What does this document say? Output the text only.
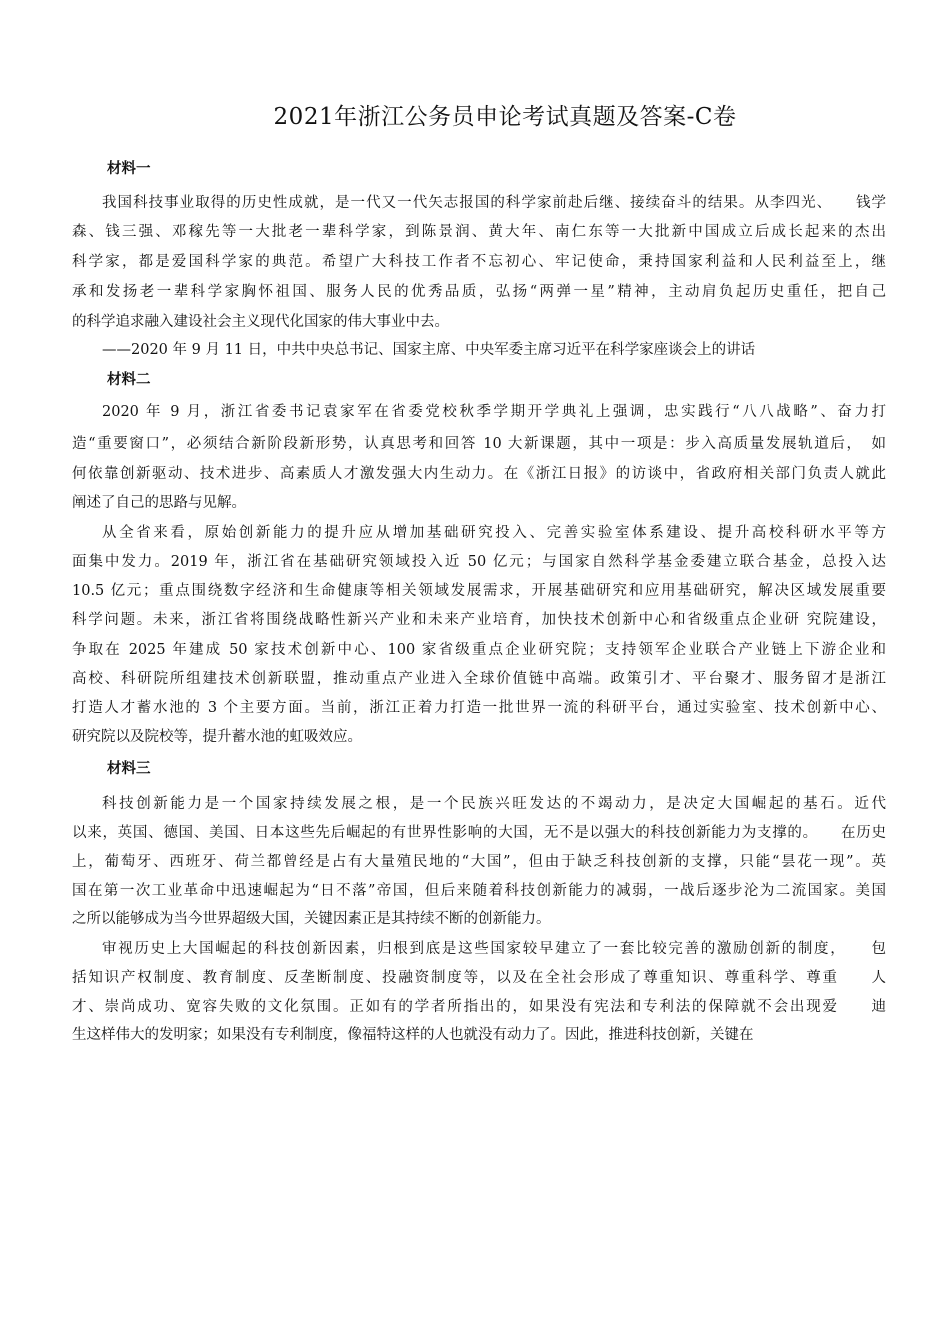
2021年浙江公务员申论考试真题及答案-C卷
材料一
我国科技事业取得的历史性成就，是一代又一代矢志报国的科学家前赴后继、接续奋斗的结果。从李四光、　　钱学
森、钱三强、邓稼先等一大批老一辈科学家，到陈景润、黄大年、南仁东等一大批新中国成立后成长起来的杰出
科学家，都是爱国科学家的典范。希望广大科技工作者不忘初心、牢记使命，秉持国家利益和人民利益至上，继
承和发扬老一辈科学家胸怀祖国、服务人民的优秀品质，弘扬“两弹一星”精神，主动肩负起历史重任，把自己
的科学追求融入建设社会主义现代化国家的伟大事业中去。
——2020 年 9 月 11 日，中共中央总书记、国家主席、中央军委主席习近平在科学家座谈会上的讲话
材料二
2020 年 9 月，浙江省委书记袁家军在省委党校秋季学期开学典礼上强调，忠实践行“八八战略”、奋力打
造“重要窗口”，必须结合新阶段新形势，认真思考和回答 10 大新课题，其中一项是：步入高质量发展轨道后，　如
何依靠创新驱动、技术进步、高素质人才激发强大内生动力。在《浙江日报》的访谈中，省政府相关部门负责人就此
阐述了自己的思路与见解。
从全省来看，原始创新能力的提升应从增加基础研究投入、完善实验室体系建设、提升高校科研水平等方
面集中发力。2019 年，浙江省在基础研究领域投入近 50 亿元；与国家自然科学基金委建立联合基金，总投入达
10.5 亿元；重点围绕数字经济和生命健康等相关领域发展需求，开展基础研究和应用基础研究，解决区域发展重要
科学问题。未来，浙江省将围绕战略性新兴产业和未来产业培育，加快技术创新中心和省级重点企业研 究院建设，
争取在 2025 年建成 50 家技术创新中心、100 家省级重点企业研究院；支持领军企业联合产业链上下游企业和
高校、科研院所组建技术创新联盟，推动重点产业进入全球价值链中高端。政策引才、平台聚才、服务留才是浙江
打造人才蓄水池的 3 个主要方面。当前，浙江正着力打造一批世界一流的科研平台，通过实验室、技术创新中心、
研究院以及院校等，提升蓄水池的虹吸效应。
材料三
科技创新能力是一个国家持续发展之根，是一个民族兴旺发达的不竭动力，是决定大国崛起的基石。近代
以来，英国、德国、美国、日本这些先后崛起的有世界性影响的大国，无不是以强大的科技创新能力为支撑的。　　在历史
上，葡萄牙、西班牙、荷兰都曾经是占有大量殖民地的“大国”，但由于缺乏科技创新的支撑，只能“昙花一现”。英
国在第一次工业革命中迅速崛起为“日不落”帝国，但后来随着科技创新能力的减弱，一战后逐步沦为二流国家。美国
之所以能够成为当今世界超级大国，关键因素正是其持续不断的创新能力。
审视历史上大国崛起的科技创新因素，归根到底是这些国家较早建立了一套比较完善的激励创新的制度，　　包
括知识产权制度、教育制度、反垄断制度、投融资制度等，以及在全社会形成了尊重知识、尊重科学、尊重　　人
才、崇尚成功、宽容失败的文化氛围。正如有的学者所指出的，如果没有宪法和专利法的保障就不会出现爱　　迪
生这样伟大的发明家；如果没有专利制度，像福特这样的人也就没有动力了。因此，推进科技创新，关键在
